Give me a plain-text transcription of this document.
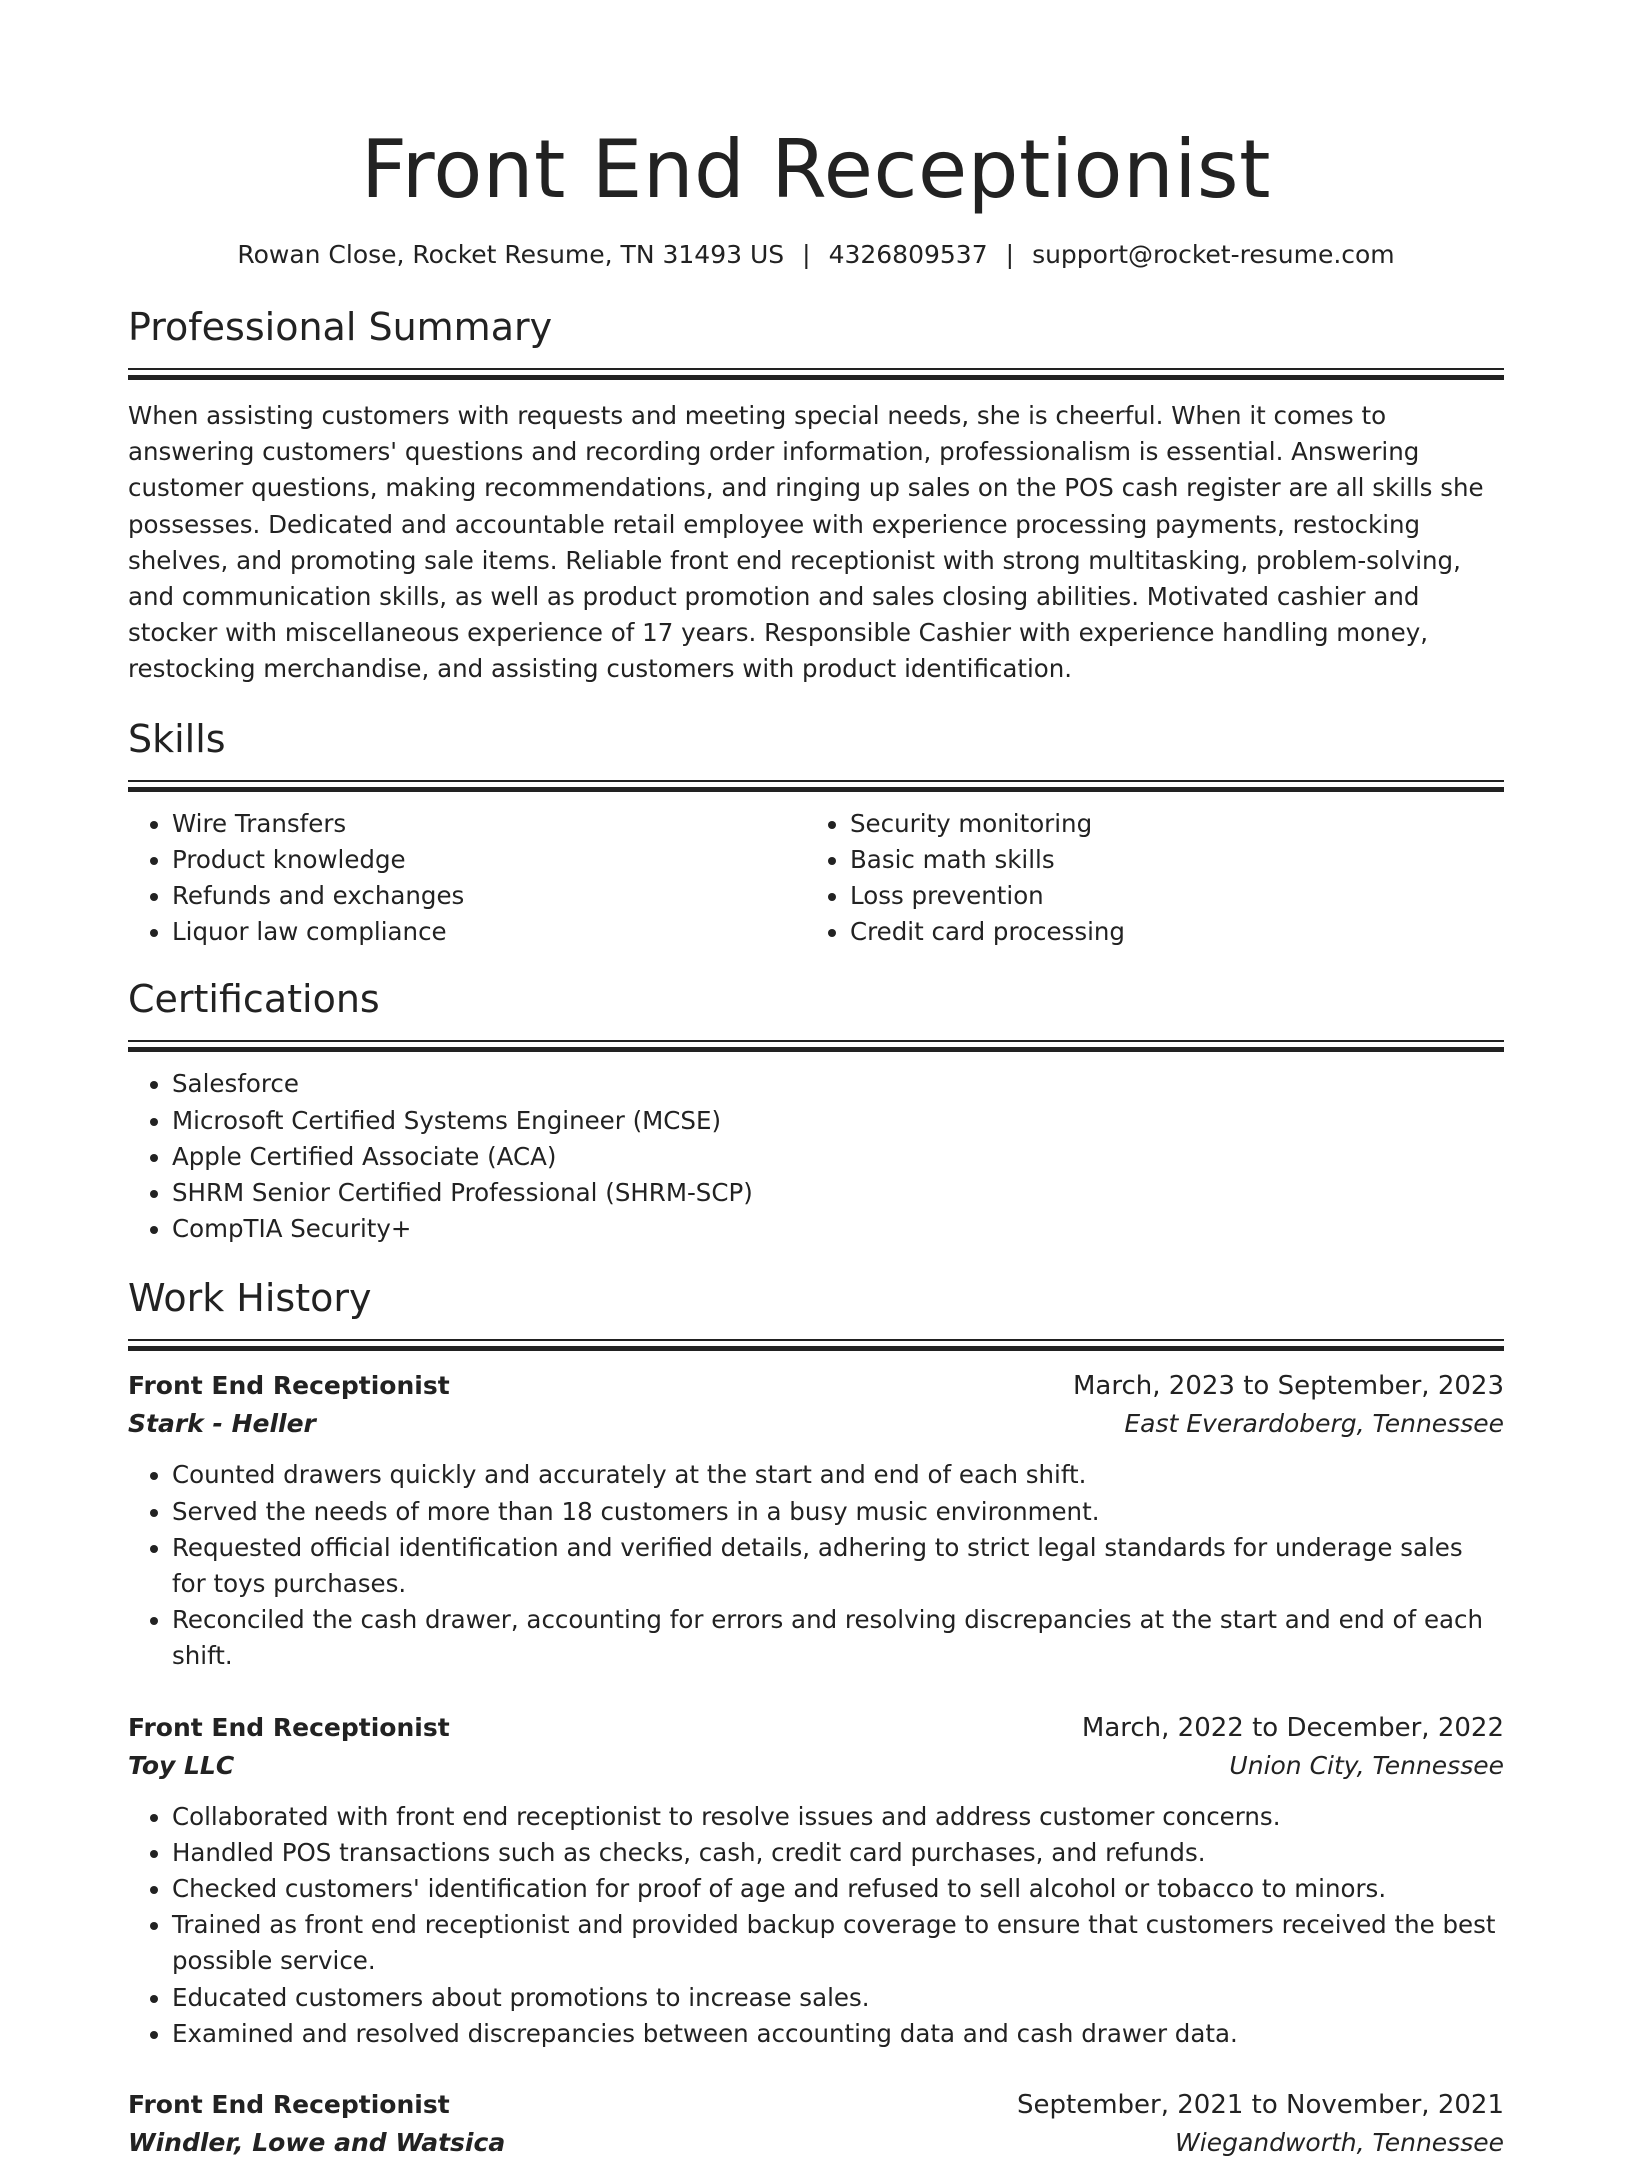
Front End Receptionist
Rowan Close, Rocket Resume, TN 31493 US | 4326809537 | support@rocket-resume.com
Professional Summary

When assisting customers with requests and meeting special needs, she is cheerful. When it comes to answering customers' questions and recording order information, professionalism is essential. Answering customer questions, making recommendations, and ringing up sales on the POS cash register are all skills she possesses. Dedicated and accountable retail employee with experience processing payments, restocking shelves, and promoting sale items. Reliable front end receptionist with strong multitasking, problem-solving, and communication skills, as well as product promotion and sales closing abilities. Motivated cashier and stocker with miscellaneous experience of 17 years. Responsible Cashier with experience handling money, restocking merchandise, and assisting customers with product identification.

Skills
• Wire Transfers
• Product knowledge
• Refunds and exchanges
• Liquor law compliance
• Security monitoring
• Basic math skills
• Loss prevention
• Credit card processing
Certifications
• Salesforce
• Microsoft Certified Systems Engineer (MCSE)
• Apple Certified Associate (ACA)
• SHRM Senior Certified Professional (SHRM-SCP)
• CompTIA Security+
Work History
Front End Receptionist	March, 2023 to September, 2023
Stark - Heller	East Everardoberg, Tennessee
• Counted drawers quickly and accurately at the start and end of each shift.
• Served the needs of more than 18 customers in a busy music environment.
• Requested official identification and verified details, adhering to strict legal standards for underage sales for toys purchases.
• Reconciled the cash drawer, accounting for errors and resolving discrepancies at the start and end of each shift.
Front End Receptionist	March, 2022 to December, 2022
Toy LLC	Union City, Tennessee
• Collaborated with front end receptionist to resolve issues and address customer concerns.
• Handled POS transactions such as checks, cash, credit card purchases, and refunds.
• Checked customers' identification for proof of age and refused to sell alcohol or tobacco to minors.
• Trained as front end receptionist and provided backup coverage to ensure that customers received the best possible service.
• Educated customers about promotions to increase sales.
• Examined and resolved discrepancies between accounting data and cash drawer data.
Front End Receptionist	September, 2021 to November, 2021
Windler, Lowe and Watsica	Wiegandworth, Tennessee
